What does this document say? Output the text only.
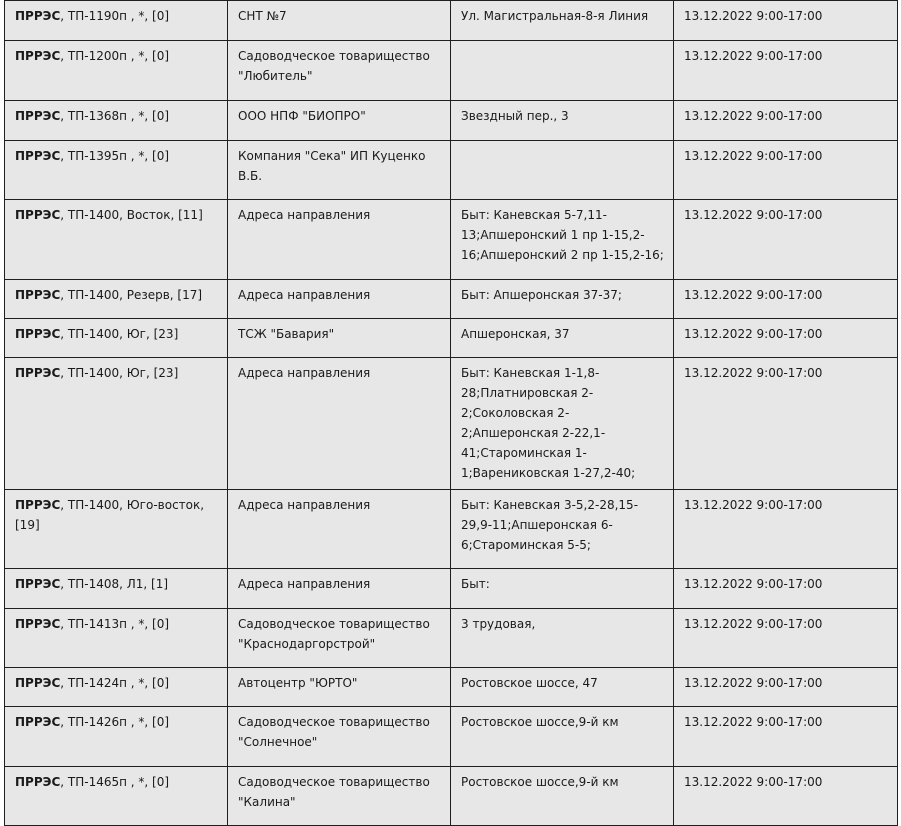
ПРРЭС, ТП-1190п , *, [0]	СНТ №7	Ул. Магистральная-8-я Линия	13.12.2022 9:00-17:00
ПРРЭС, ТП-1200п , *, [0]	Садоводческое товарищество "Любитель"		13.12.2022 9:00-17:00
ПРРЭС, ТП-1368п , *, [0]	ООО НПФ "БИОПРО"	Звездный пер., 3	13.12.2022 9:00-17:00
ПРРЭС, ТП-1395п , *, [0]	Компания "Сека" ИП Куценко В.Б.		13.12.2022 9:00-17:00
ПРРЭС, ТП-1400, Восток, [11]	Адреса направления	Быт: Каневская 5-7,11-13;Апшеронский 1 пр 1-15,2-16;Апшеронский 2 пр 1-15,2-16;	13.12.2022 9:00-17:00
ПРРЭС, ТП-1400, Резерв, [17]	Адреса направления	Быт: Апшеронская 37-37;	13.12.2022 9:00-17:00
ПРРЭС, ТП-1400, Юг, [23]	ТСЖ "Бавария"	Апшеронская, 37	13.12.2022 9:00-17:00
ПРРЭС, ТП-1400, Юг, [23]	Адреса направления	Быт: Каневская 1-1,8-28;Платнировская 2-2;Соколовская 2-2;Апшеронская 2-22,1-41;Староминская 1-1;Варениковская 1-27,2-40;	13.12.2022 9:00-17:00
ПРРЭС, ТП-1400, Юго-восток, [19]	Адреса направления	Быт: Каневская 3-5,2-28,15-29,9-11;Апшеронская 6-6;Староминская 5-5;	13.12.2022 9:00-17:00
ПРРЭС, ТП-1408, Л1, [1]	Адреса направления	Быт:	13.12.2022 9:00-17:00
ПРРЭС, ТП-1413п , *, [0]	Садоводческое товарищество "Краснодаргорстрой"	3 трудовая,	13.12.2022 9:00-17:00
ПРРЭС, ТП-1424п , *, [0]	Автоцентр "ЮРТО"	Ростовское шоссе, 47	13.12.2022 9:00-17:00
ПРРЭС, ТП-1426п , *, [0]	Садоводческое товарищество "Солнечное"	Ростовское шоссе,9-й км	13.12.2022 9:00-17:00
ПРРЭС, ТП-1465п , *, [0]	Садоводческое товарищество "Калина"	Ростовское шоссе,9-й км	13.12.2022 9:00-17:00
